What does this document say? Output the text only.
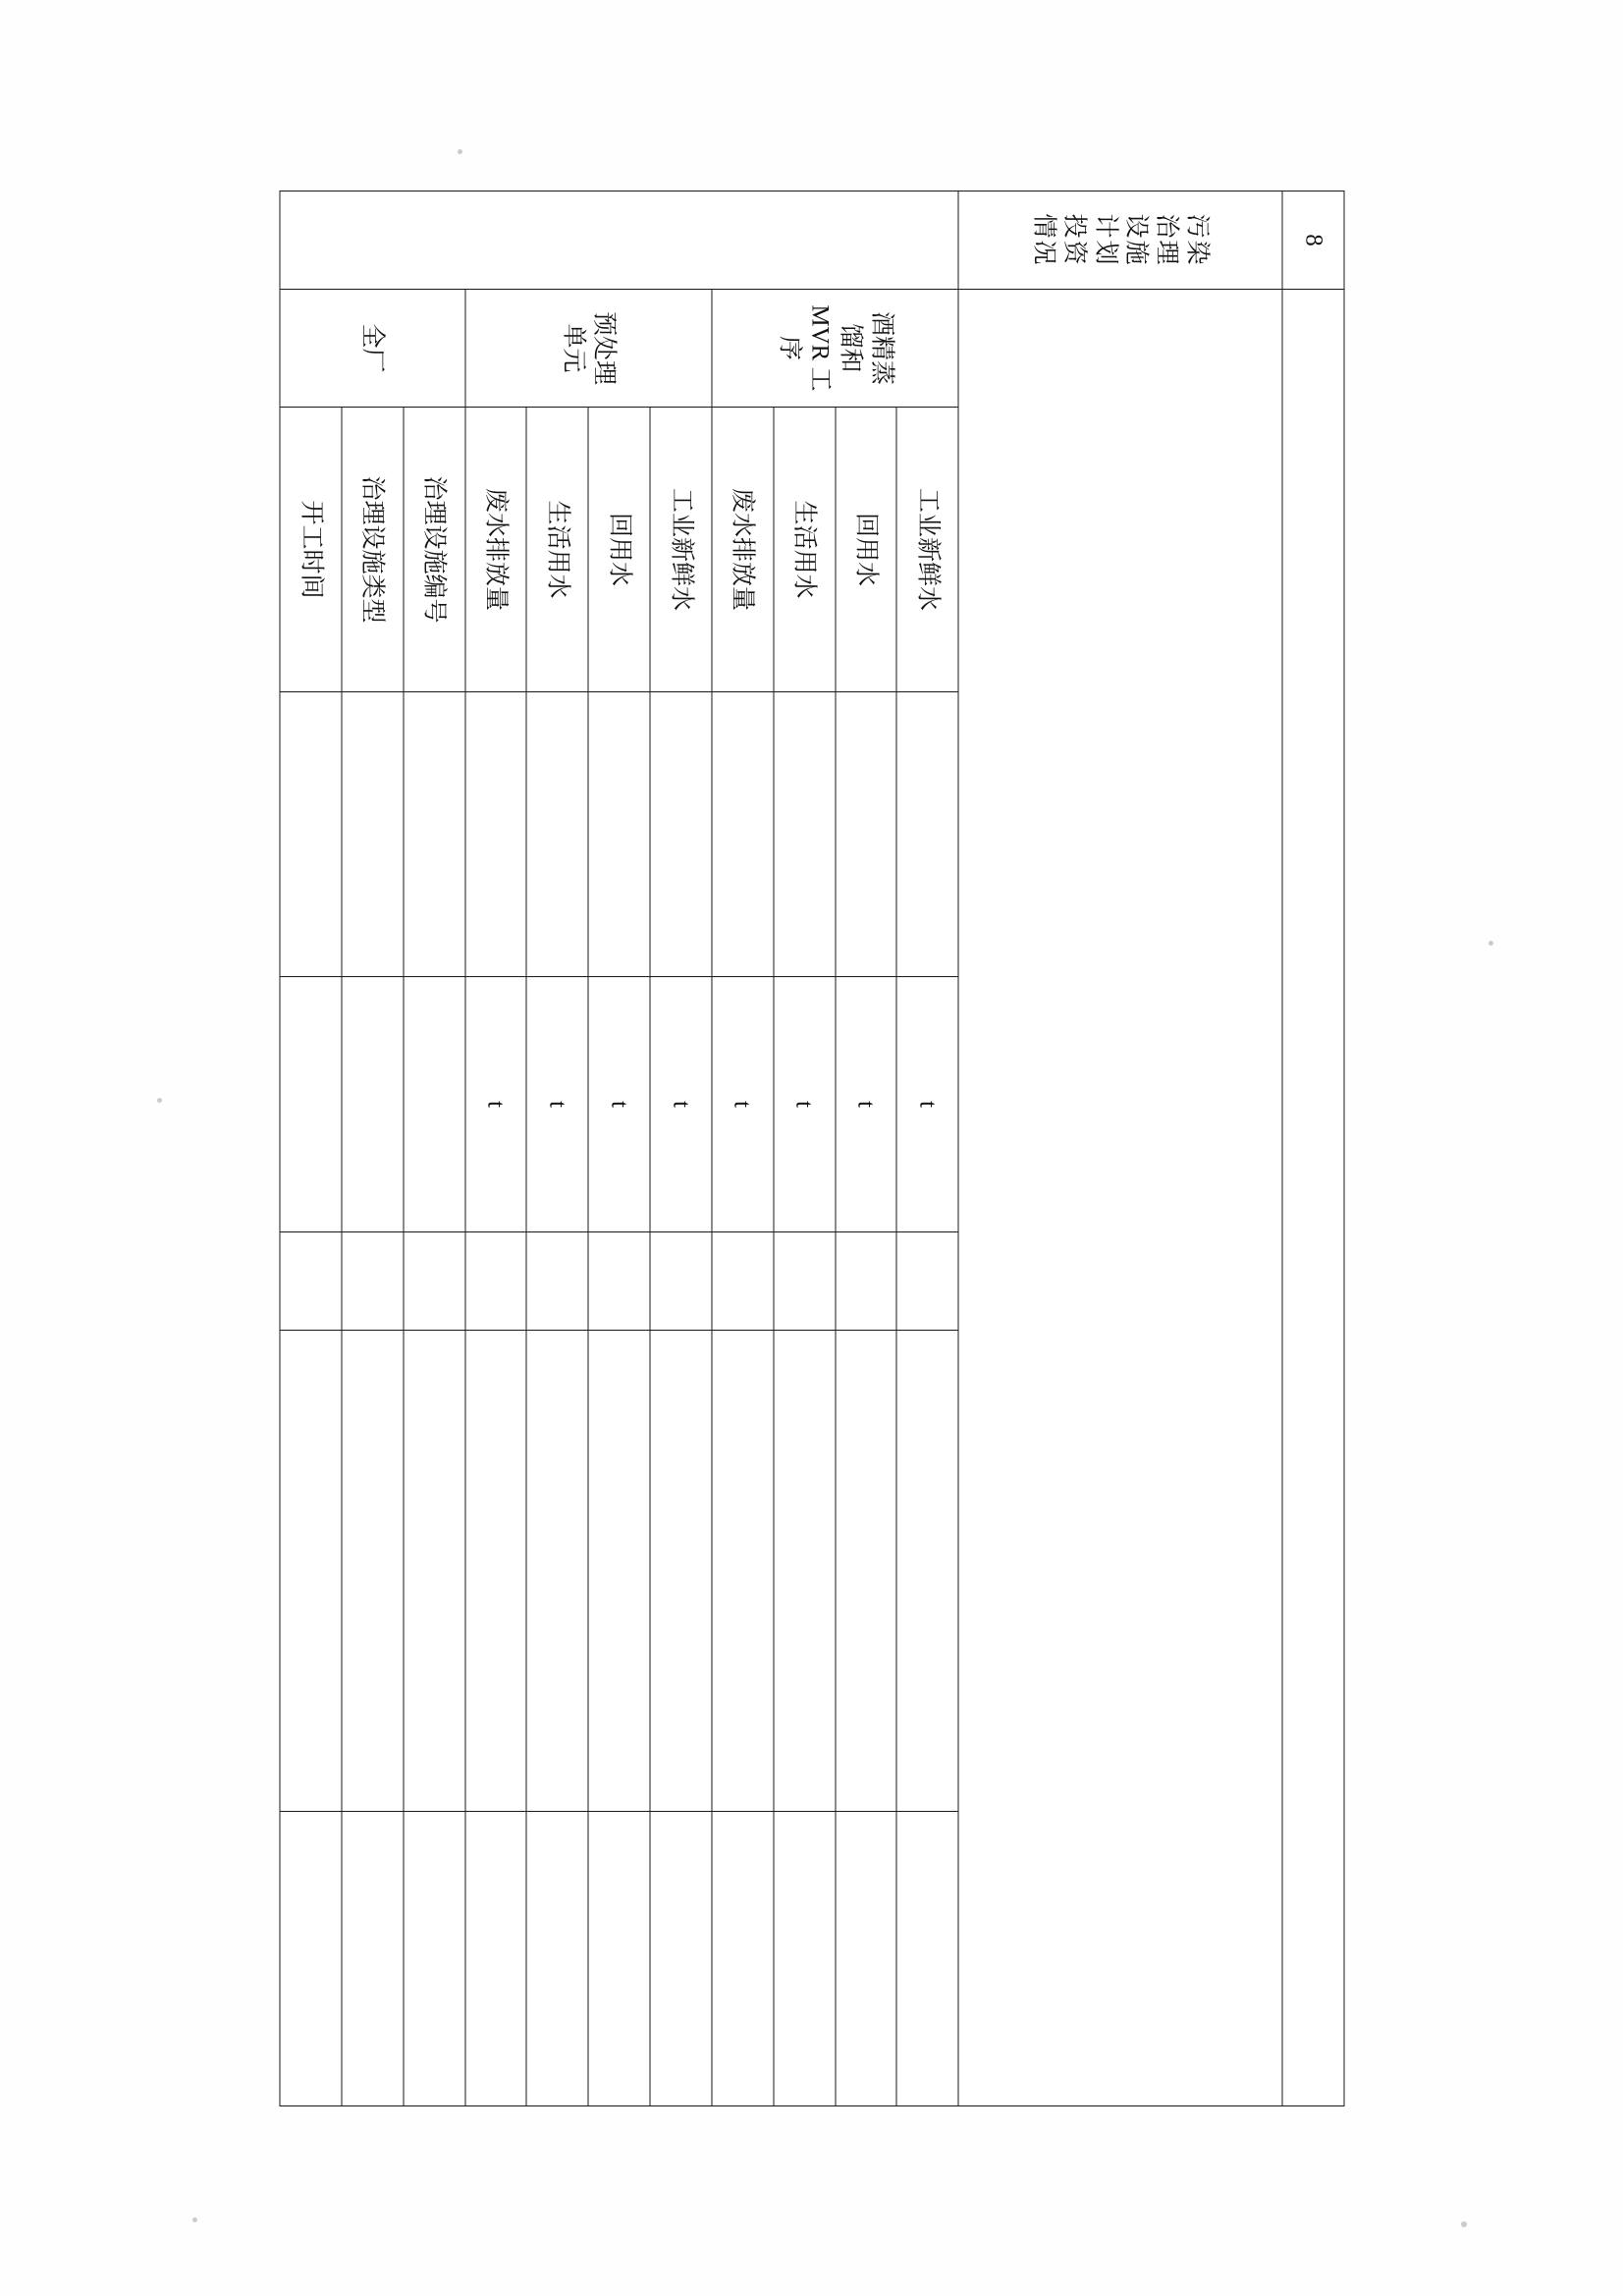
8							
污染治理设施计划投资情况							
	酒精蒸馏和 MVR 工序	工业新鲜水		t			
		回用水		t			
		生活用水		t			
		废水排放量		t			
	预处理单元	工业新鲜水		t			
		回用水		t			
		生活用水		t			
		废水排放量		t			
	全厂	治理设施编号					
		治理设施类型					
		开工时间					
